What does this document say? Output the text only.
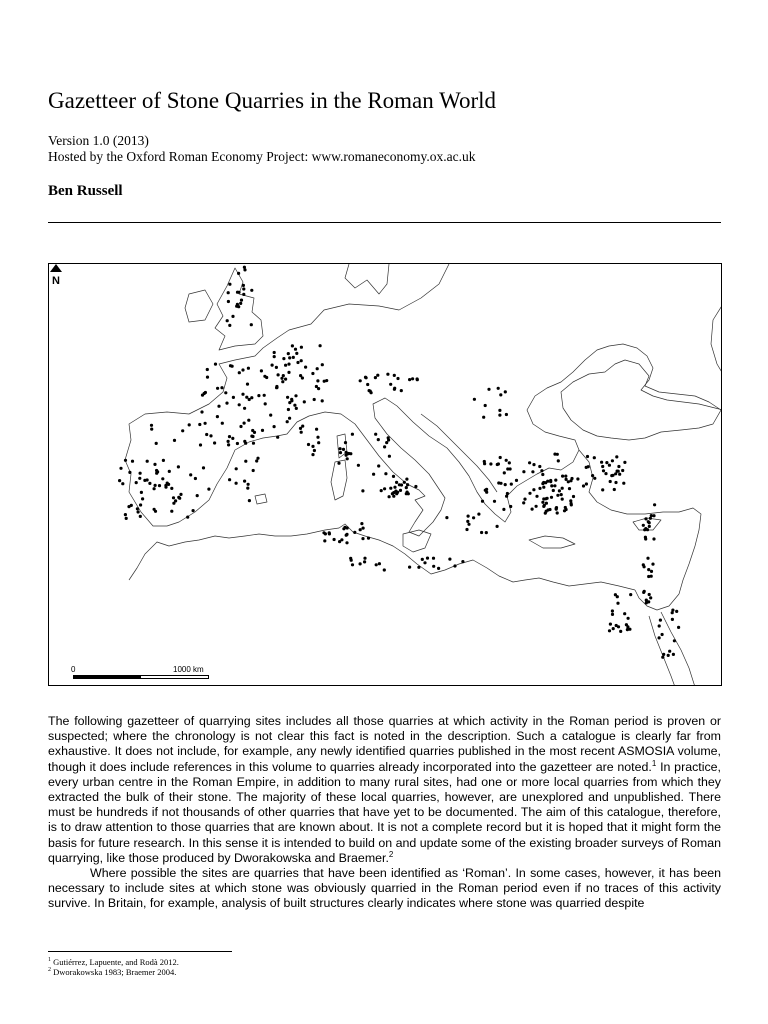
Gazetteer of Stone Quarries in the Roman World
Version 1.0 (2013)
Hosted by the Oxford Roman Economy Project: www.romaneconomy.ox.ac.uk
Ben Russell
N
0	1000 km

The following gazetteer of quarrying sites includes all those quarries at which activity in the Roman period is proven or suspected; where the chronology is not clear this fact is noted in the description. Such a catalogue is clearly far from exhaustive. It does not include, for example, any newly identified quarries published in the most recent ASMOSIA volume, though it does include references in this volume to quarries already incorporated into the gazetteer are noted.$^1$ In practice, every urban centre in the Roman Empire, in addition to many rural sites, had one or more local quarries from which they extracted the bulk of their stone. The majority of these local quarries, however, are unexplored and unpublished. There must be hundreds if not thousands of other quarries that have yet to be documented. The aim of this catalogue, therefore, is to draw attention to those quarries that are known about. It is not a complete record but it is hoped that it might form the basis for future research. In this sense it is intended to build on and update some of the existing broader surveys of Roman quarrying, like those produced by Dworakowska and Braemer.$^2$

Where possible the sites are quarries that have been identified as ‘Roman’. In some cases, however, it has been necessary to include sites at which stone was obviously quarried in the Roman period even if no traces of this activity survive. In Britain, for example, analysis of built structures clearly indicates where stone was quarried despite

$^1$ Gutiérrez, Lapuente, and Rodà 2012.
$^2$ Dworakowska 1983; Braemer 2004.
